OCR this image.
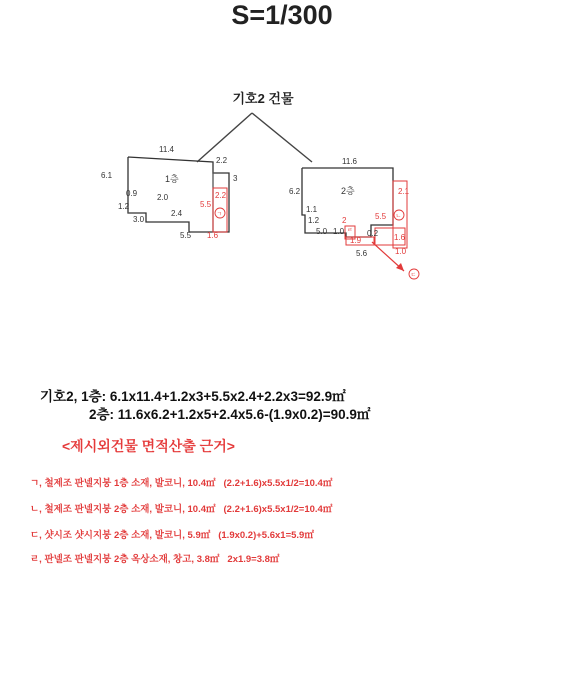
S=1/300
기호2 건물
1층
11.4
2.2
3
6.1
0.9 2.0
1.2
3.0
2.4
5.5
2.2
5.5 1.6
ㄱ
2층
11.6
6.2	2.1
1.1
1.2	2	5.5 ㄴ
ㄹ
5.0 1.0	0.2
1.9	1.6
1.0
5.6
ㄷ
기호2, 1층: 6.1x11.4+1.2x3+5.5x2.4+2.2x3=92.9㎡
2층: 11.6x6.2+1.2x5+2.4x5.6-(1.9x0.2)=90.9㎡
<제시외건물 면적산출 근거>
ㄱ, 철제조 판넬지붕 1층 소재, 발코니, 10.4㎡ (2.2+1.6)x5.5x1/2=10.4㎡
ㄴ, 철제조 판넬지붕 2층 소재, 발코니, 10.4㎡ (2.2+1.6)x5.5x1/2=10.4㎡
ㄷ, 샷시조 샷시지붕 2층 소재, 발코니, 5.9㎡ (1.9x0.2)+5.6x1=5.9㎡
ㄹ, 판넬조 판넬지붕 2층 옥상소재, 창고, 3.8㎡ 2x1.9=3.8㎡
